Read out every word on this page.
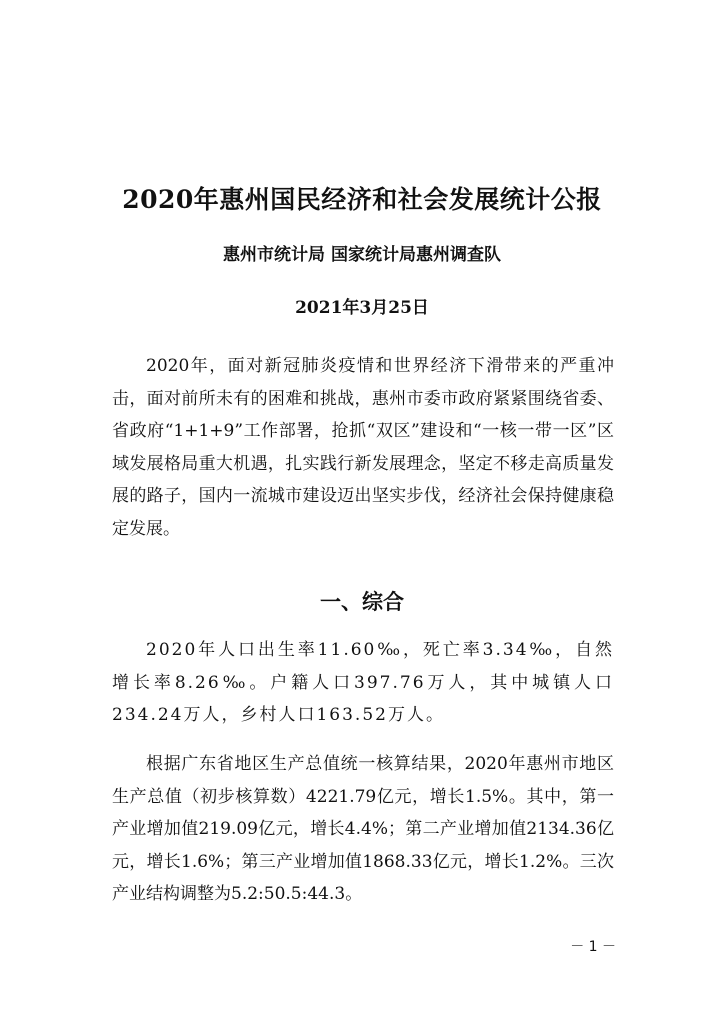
2020年惠州国民经济和社会发展统计公报
惠州市统计局 国家统计局惠州调查队
2021年3月25日

2020年，面对新冠肺炎疫情和世界经济下滑带来的严重冲击，面对前所未有的困难和挑战，惠州市委市政府紧紧围绕省委、省政府“1+1+9”工作部署，抢抓“双区”建设和“一核一带一区”区域发展格局重大机遇，扎实践行新发展理念，坚定不移走高质量发展的路子，国内一流城市建设迈出坚实步伐，经济社会保持健康稳定发展。

一、综合

2020年人口出生率11.60‰，死亡率3.34‰，自然增长率8.26‰。户籍人口397.76万人，其中城镇人口234.24万人，乡村人口163.52万人。

根据广东省地区生产总值统一核算结果，2020年惠州市地区生产总值（初步核算数）4221.79亿元，增长1.5%。其中，第一产业增加值219.09亿元，增长4.4%；第二产业增加值2134.36亿元，增长1.6%；第三产业增加值1868.33亿元，增长1.2%。三次产业结构调整为5.2:50.5:44.3。

－ 1 －
